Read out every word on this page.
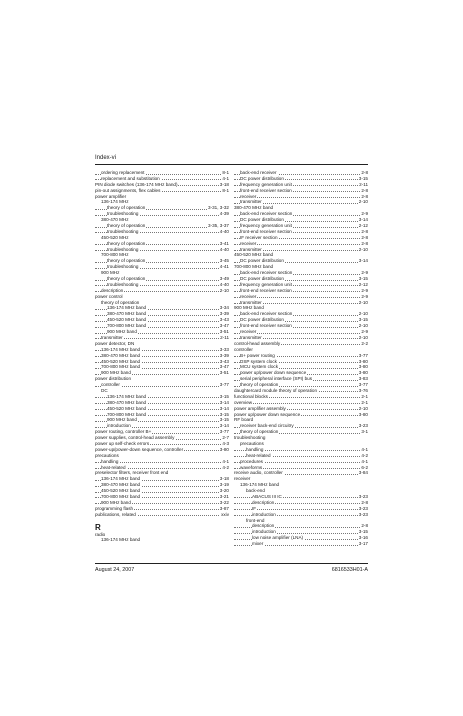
Index-vi
ordering replacement	8-1
replacement and substitution	4-1
PIN diode switches (136-174 MHz band)	3-18
pin-out assignments, flex cables	8-1
power amplifier
136-174 MHz
theory of operation	3-31, 3-32
troubleshooting	4-39
380-470 MHz
theory of operation	3-35, 3-37
troubleshooting	4-40
450-520 MHz
theory of operation	3-41
troubleshooting	4-40
700-800 MHz
theory of operation	3-45
troubleshooting	4-41
900 MHz
theory of operation	3-49
troubleshooting	4-40
description	2-10
power control
theory of operation
136-174 MHz band	3-34
380-470 MHz band	3-39
450-520 MHz band	3-43
700-800 MHz band	3-47
900 MHz band	3-51
transmitter	2-11
power detector, DN
136-174 MHz band	3-33
380-470 MHz band	3-39
450-520 MHz band	3-43
700-800 MHz band	3-47
900 MHz band	3-51
power distribution
controller	3-77
DC
136-174 MHz band	3-15
380-470 MHz band	3-14
450-520 MHz band	3-14
700-800 MHz band	3-15
900 MHz band	3-15
introduction	3-14
power routing, controller B+	3-77
power supplies, control-head assembly	2-7
power up self-check errors	4-3
power-up/power-down sequence, controller	3-80
precautions
handling	4-1
heat-related	4-2
preselector filters, receiver front end
136-174 MHz band	3-18
380-470 MHz band	3-19
450-520 MHz band	3-20
700-800 MHz band	3-21
900 MHz band	3-22
programming flash	3-87
publications, related	xxiv
R
radio
136-174 MHz band
back-end receiver	2-8
DC power distribution	3-15
frequency generation unit	2-11
front-end receiver section	2-8
receiver	2-8
transmitter	2-10
380-470 MHz band
back-end receiver section	2-9
DC power distribution	3-14
frequency generation unit	2-12
front-end receiver section	2-8
IF receiver section	2-8
receiver	2-8
transmitter	2-10
450-520 MHz band
DC power distribution	3-14
700-800 MHz band
back-end receiver section	2-9
DC power distribution	3-15
frequency generation unit	2-12
front-end receiver section	2-9
receiver	2-9
transmitter	2-10
900 MHz band
back-end receiver section	2-10
DC power distribution	3-15
front-end receiver section	2-10
receiver	2-9
transmitter	2-10
control-head assembly	2-2
controller
B+ power routing	3-77
DSP system clock	3-80
MCU system clock	3-80
power up/power down sequence	3-80
serial peripheral interface (SPI) bus	3-83
theory of operation	3-77
daughtercard module theory of operation	3-76
functional blocks	2-1
overview	2-1
power amplifier assembly	2-10
power up/power down sequence	3-80
RF board
receiver back-end circuitry	3-23
theory of operation	3-1
troubleshooting
precautions
handling	4-1
heat-related	4-2
procedures	4-1
waveforms	6-2
receive audio, controller	3-84
receiver
136-174 MHz band
back-end
ABACUS III IC	3-23
description	2-8
IF	3-23
introduction	3-23
front-end
description	2-8
introduction	3-15
low noise amplifier (LNA)	3-16
mixer	3-17
August 24, 2007	6816533H01-A
